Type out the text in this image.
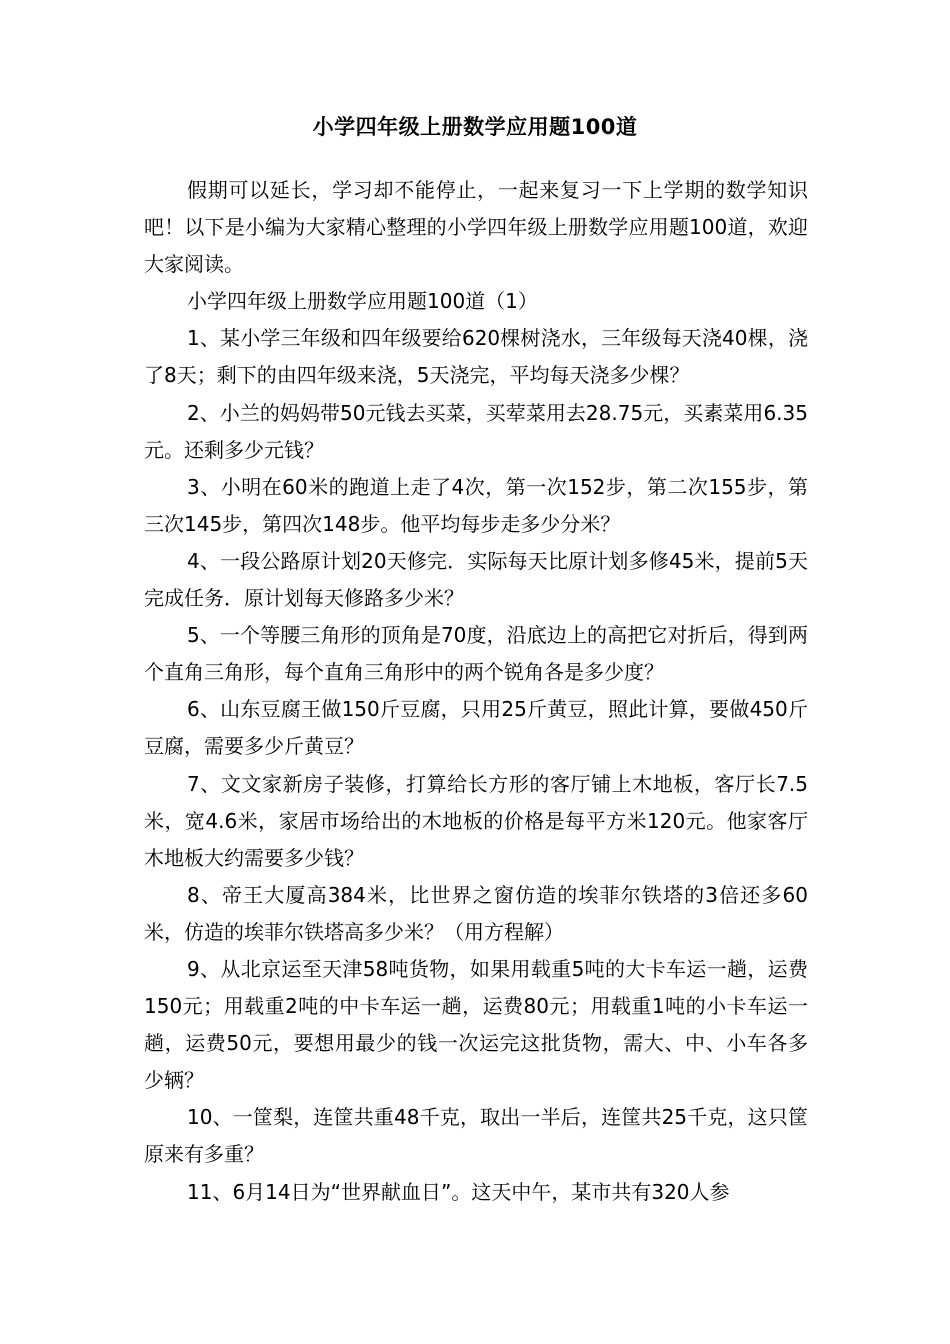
小学四年级上册数学应用题100道

假期可以延长，学习却不能停止，一起来复习一下上学期的数学知识吧！以下是小编为大家精心整理的小学四年级上册数学应用题100道，欢迎大家阅读。

小学四年级上册数学应用题100道（1）

1、某小学三年级和四年级要给620棵树浇水，三年级每天浇40棵，浇了8天；剩下的由四年级来浇，5天浇完，平均每天浇多少棵？

2、小兰的妈妈带50元钱去买菜，买荤菜用去28.75元，买素菜用6.35元。还剩多少元钱？

3、小明在60米的跑道上走了4次，第一次152步，第二次155步，第三次145步，第四次148步。他平均每步走多少分米？

4、一段公路原计划20天修完．实际每天比原计划多修45米，提前5天完成任务．原计划每天修路多少米？

5、一个等腰三角形的顶角是70度，沿底边上的高把它对折后，得到两个直角三角形，每个直角三角形中的两个锐角各是多少度？

6、山东豆腐王做150斤豆腐，只用25斤黄豆，照此计算，要做450斤豆腐，需要多少斤黄豆？

7、文文家新房子装修，打算给长方形的客厅铺上木地板，客厅长7.5米，宽4.6米，家居市场给出的木地板的价格是每平方米120元。他家客厅木地板大约需要多少钱？

8、帝王大厦高384米，比世界之窗仿造的埃菲尔铁塔的3倍还多60米，仿造的埃菲尔铁塔高多少米？（用方程解）

9、从北京运至天津58吨货物，如果用载重5吨的大卡车运一趟，运费150元；用载重2吨的中卡车运一趟，运费80元；用载重1吨的小卡车运一趟，运费50元，要想用最少的钱一次运完这批货物，需大、中、小车各多少辆？

10、一筐梨，连筐共重48千克，取出一半后，连筐共25千克，这只筐原来有多重？

11、6月14日为“世界献血日”。这天中午，某市共有320人参
